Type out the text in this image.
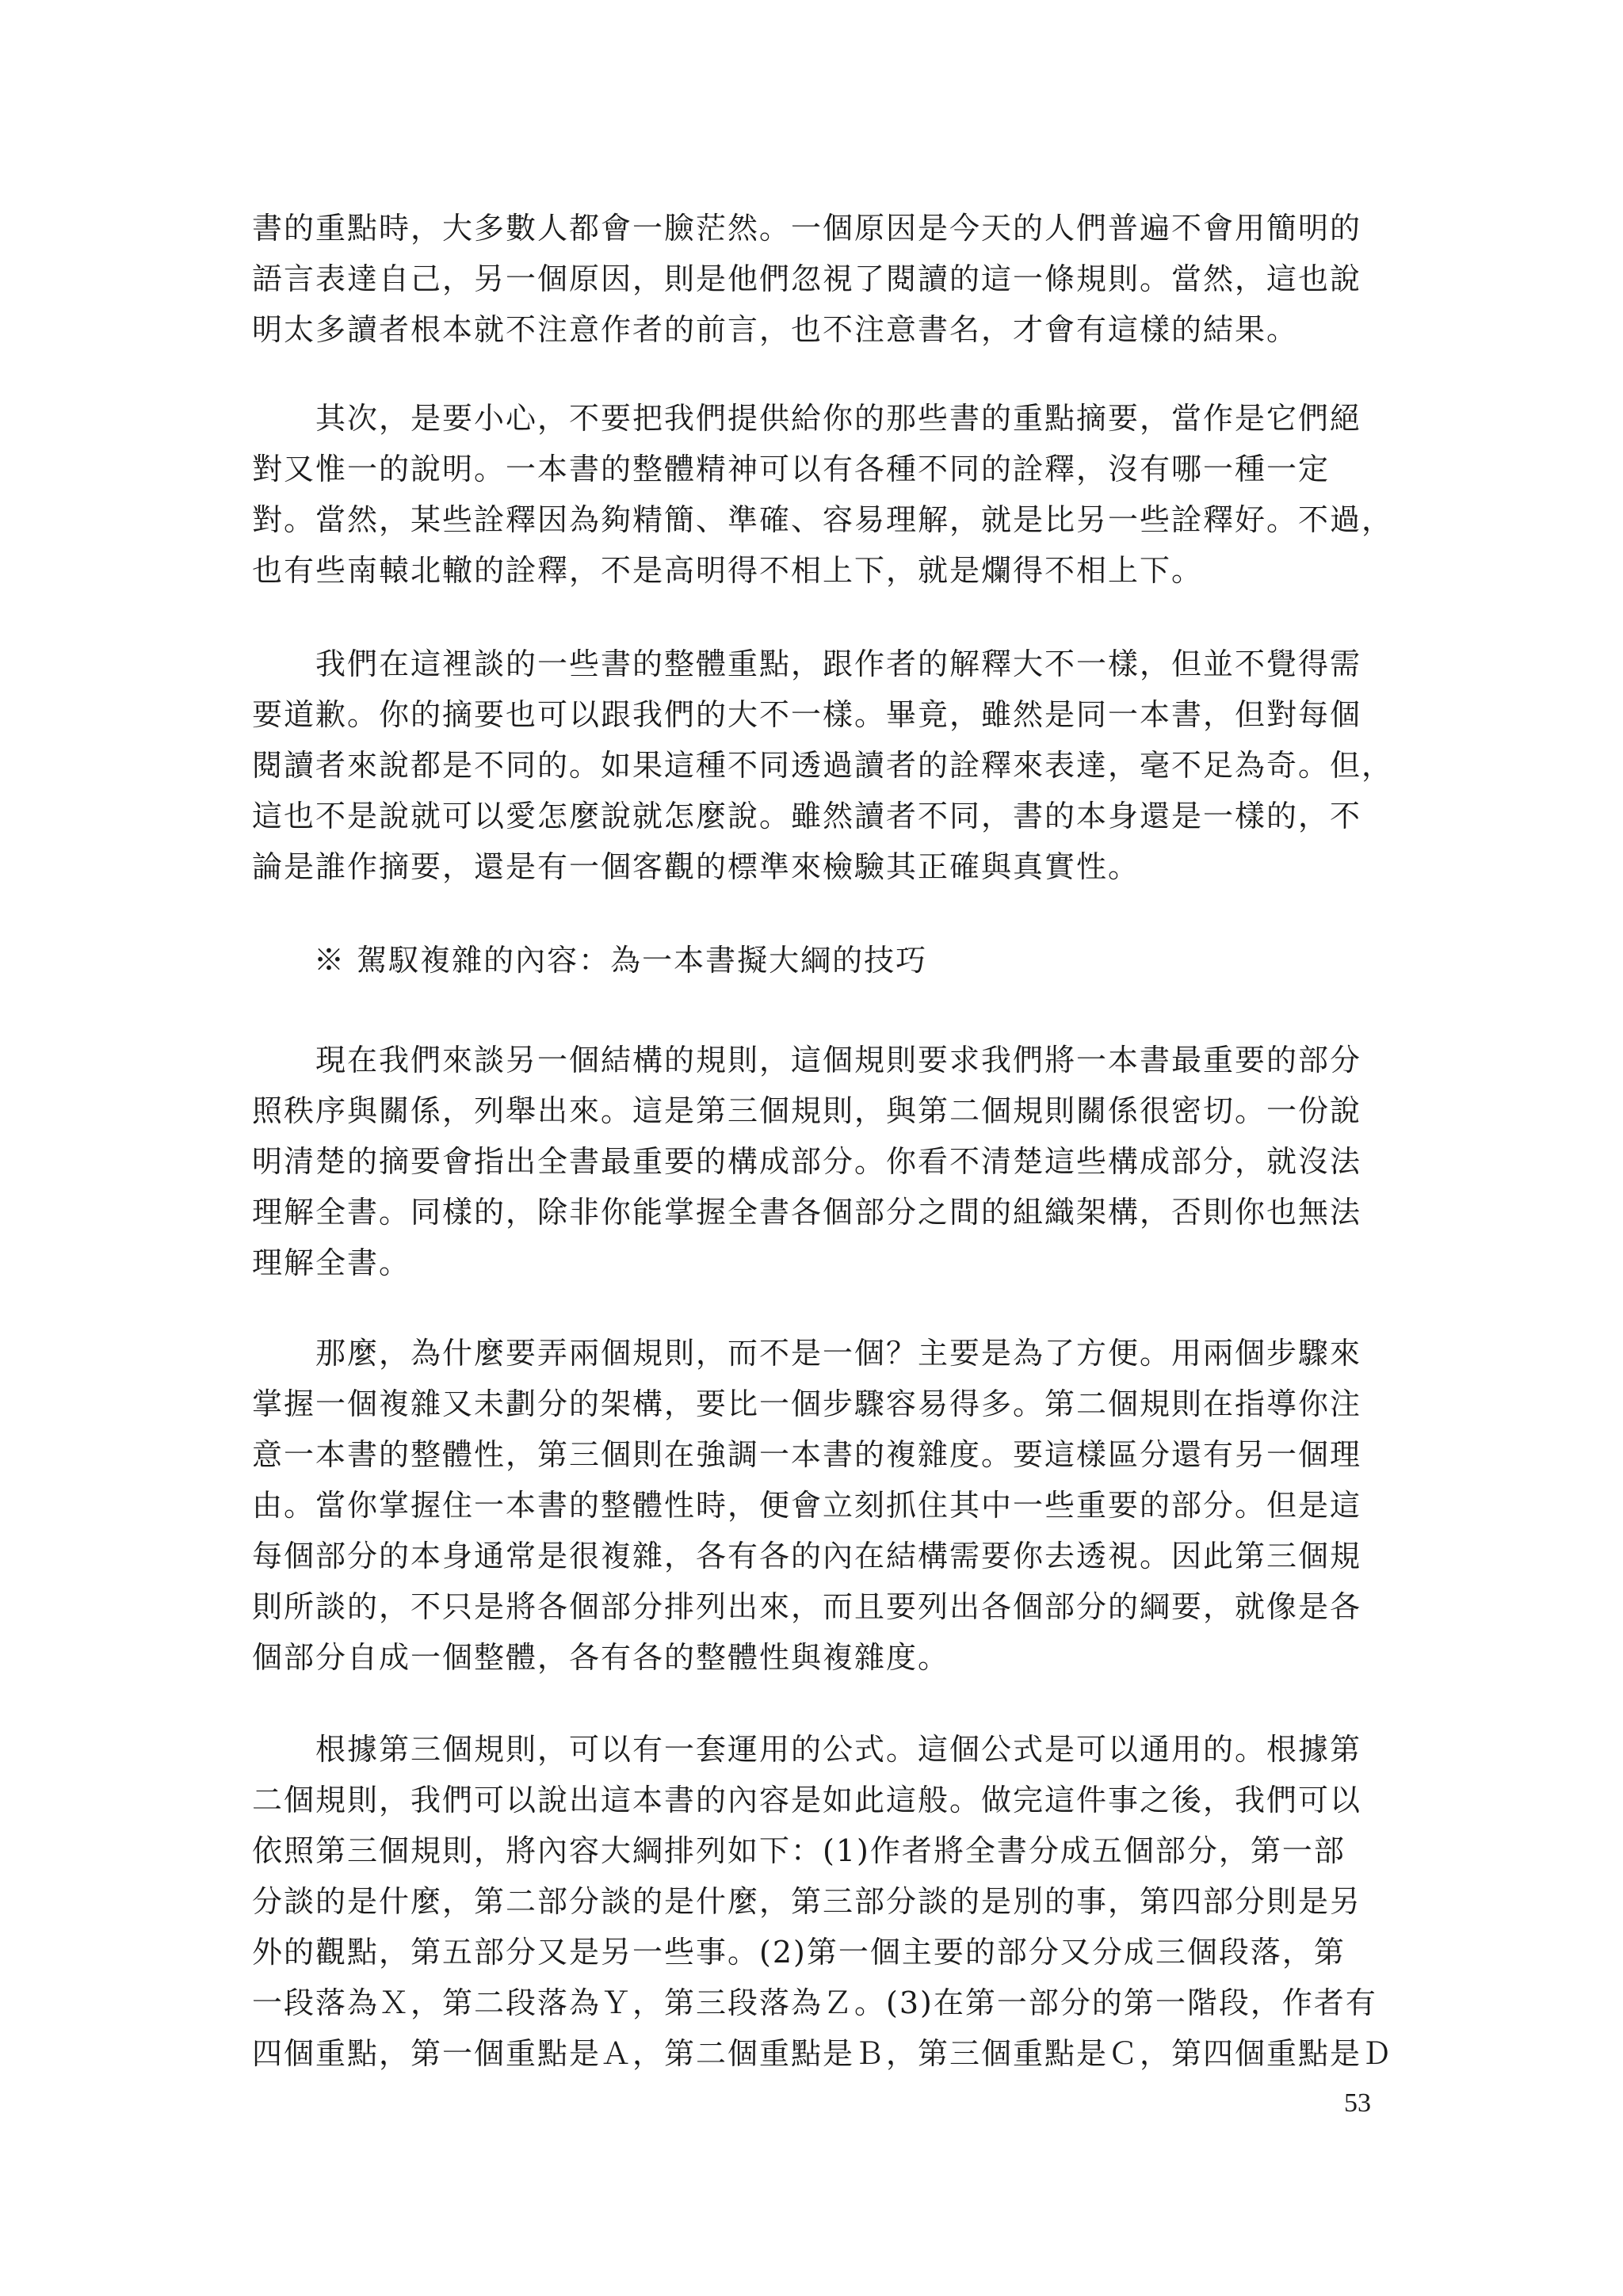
書的重點時，大多數人都會一臉茫然。一個原因是今天的人們普遍不會用簡明的
語言表達自己，另一個原因，則是他們忽視了閱讀的這一條規則。當然，這也說
明太多讀者根本就不注意作者的前言，也不注意書名，才會有這樣的結果。
　　其次，是要小心，不要把我們提供給你的那些書的重點摘要，當作是它們絕
對又惟一的說明。一本書的整體精神可以有各種不同的詮釋，沒有哪一種一定
對。當然，某些詮釋因為夠精簡、準確、容易理解，就是比另一些詮釋好。不過，
也有些南轅北轍的詮釋，不是高明得不相上下，就是爛得不相上下。
　　我們在這裡談的一些書的整體重點，跟作者的解釋大不一樣，但並不覺得需
要道歉。你的摘要也可以跟我們的大不一樣。畢竟，雖然是同一本書，但對每個
閱讀者來說都是不同的。如果這種不同透過讀者的詮釋來表達，毫不足為奇。但，
這也不是說就可以愛怎麼說就怎麼說。雖然讀者不同，書的本身還是一樣的，不
論是誰作摘要，還是有一個客觀的標準來檢驗其正確與真實性。
※ 駕馭複雜的內容：為一本書擬大綱的技巧
　　現在我們來談另一個結構的規則，這個規則要求我們將一本書最重要的部分
照秩序與關係，列舉出來。這是第三個規則，與第二個規則關係很密切。一份說
明清楚的摘要會指出全書最重要的構成部分。你看不清楚這些構成部分，就沒法
理解全書。同樣的，除非你能掌握全書各個部分之間的組織架構，否則你也無法
理解全書。
　　那麼，為什麼要弄兩個規則，而不是一個？主要是為了方便。用兩個步驟來
掌握一個複雜又未劃分的架構，要比一個步驟容易得多。第二個規則在指導你注
意一本書的整體性，第三個則在強調一本書的複雜度。要這樣區分還有另一個理
由。當你掌握住一本書的整體性時，便會立刻抓住其中一些重要的部分。但是這
每個部分的本身通常是很複雜，各有各的內在結構需要你去透視。因此第三個規
則所談的，不只是將各個部分排列出來，而且要列出各個部分的綱要，就像是各
個部分自成一個整體，各有各的整體性與複雜度。
　　根據第三個規則，可以有一套運用的公式。這個公式是可以通用的。根據第
二個規則，我們可以說出這本書的內容是如此這般。做完這件事之後，我們可以
依照第三個規則，將內容大綱排列如下：(1)作者將全書分成五個部分，第一部
分談的是什麼，第二部分談的是什麼，第三部分談的是別的事，第四部分則是另
外的觀點，第五部分又是另一些事。(2)第一個主要的部分又分成三個段落，第
一段落為Ｘ，第二段落為Ｙ，第三段落為Ｚ。(3)在第一部分的第一階段，作者有
四個重點，第一個重點是Ａ，第二個重點是Ｂ，第三個重點是Ｃ，第四個重點是Ｄ
53
